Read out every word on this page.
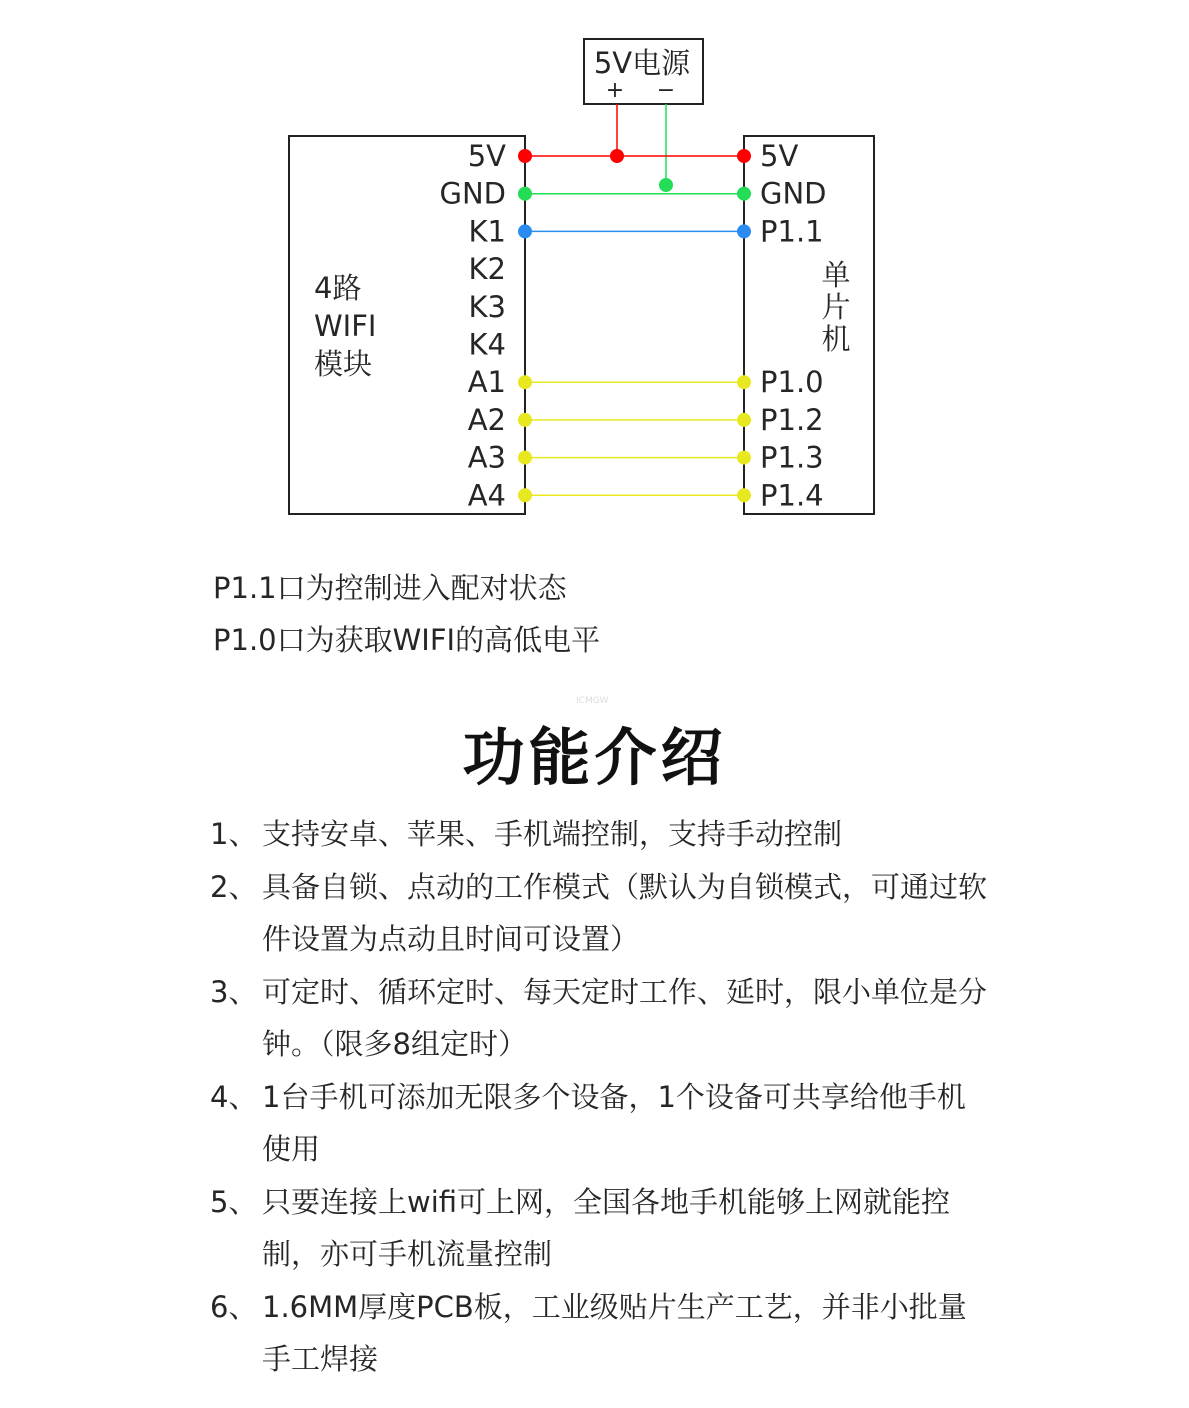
5V电源
+ −
4路
WIFI
模块
单
片
机
5V	5V
GND	GND
K1	P1.1
K2
K3
K4
A1	P1.0
A2	P1.2
A3	P1.3
A4	P1.4
P1.1口为控制进入配对状态
P1.0口为获取WIFI的高低电平
ICMGW
功能介绍
1、 支持安卓、苹果、手机端控制，支持手动控制
2、 具备自锁、点动的工作模式（默认为自锁模式，可通过软件设置为点动且时间可设置）
3、 可定时、循环定时、每天定时工作、延时，限小单位是分钟。（限多8组定时）
4、 1台手机可添加无限多个设备，1个设备可共享给他手机使用
5、 只要连接上wifi可上网，全国各地手机能够上网就能控制，亦可手机流量控制
6、 1.6MM厚度PCB板，工业级贴片生产工艺，并非小批量手工焊接
